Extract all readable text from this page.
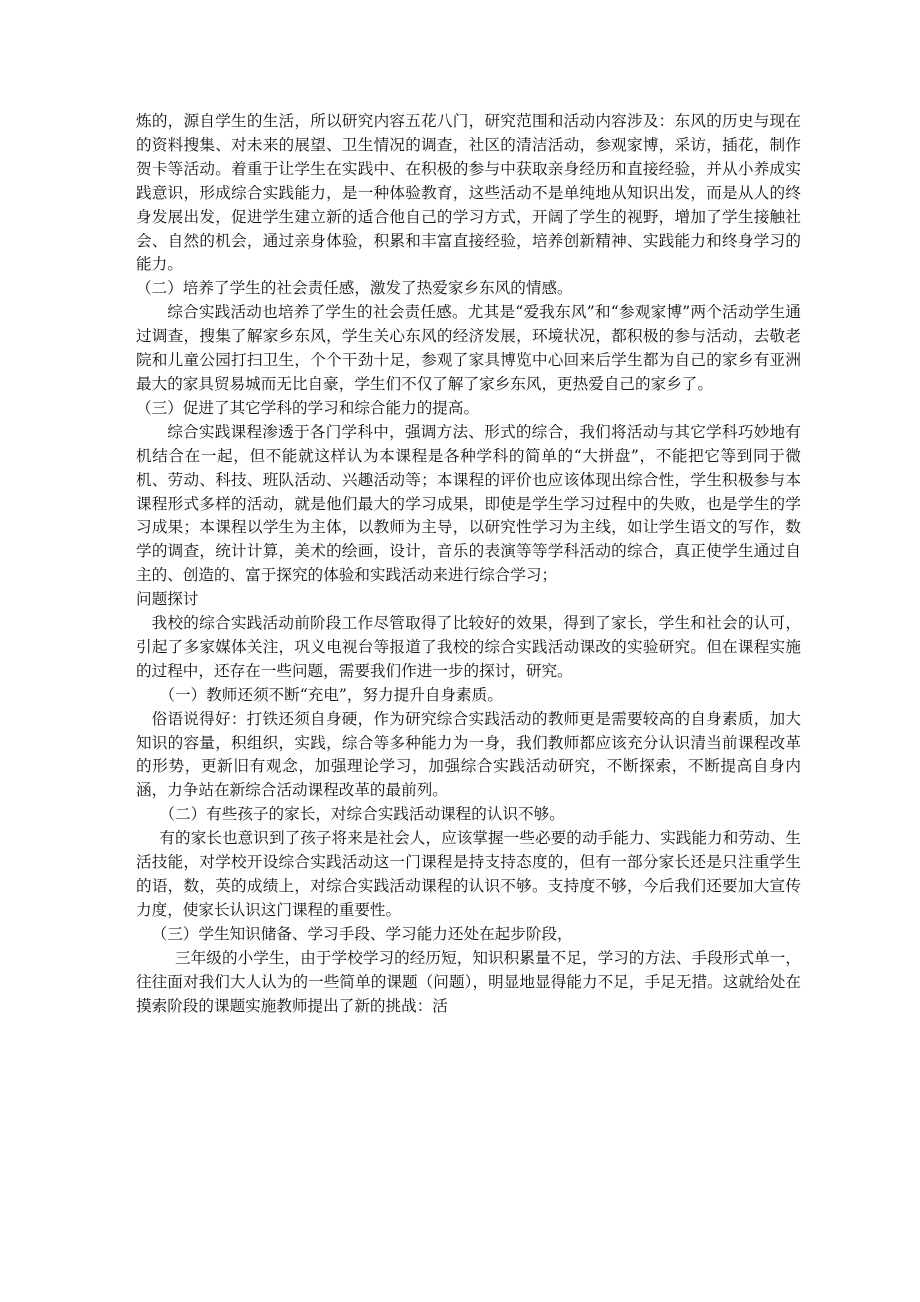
炼的，源自学生的生活，所以研究内容五花八门，研究范围和活动内容涉及：东风的历史与现在的资料搜集、对未来的展望、卫生情况的调查，社区的清洁活动，参观家博，采访，插花，制作贺卡等活动。着重于让学生在实践中、在积极的参与中获取亲身经历和直接经验，并从小养成实践意识，形成综合实践能力，是一种体验教育，这些活动不是单纯地从知识出发，而是从人的终身发展出发，促进学生建立新的适合他自己的学习方式，开阔了学生的视野，增加了学生接触社会、自然的机会，通过亲身体验，积累和丰富直接经验，培养创新精神、实践能力和终身学习的能力。

（二）培养了学生的社会责任感，激发了热爱家乡东风的情感。

综合实践活动也培养了学生的社会责任感。尤其是“爱我东风”和“参观家博”两个活动学生通过调查，搜集了解家乡东风，学生关心东风的经济发展，环境状况，都积极的参与活动，去敬老院和儿童公园打扫卫生，个个干劲十足，参观了家具博览中心回来后学生都为自己的家乡有亚洲最大的家具贸易城而无比自豪，学生们不仅了解了家乡东风，更热爱自己的家乡了。

（三）促进了其它学科的学习和综合能力的提高。

综合实践课程渗透于各门学科中，强调方法、形式的综合，我们将活动与其它学科巧妙地有机结合在一起，但不能就这样认为本课程是各种学科的简单的“大拼盘”，不能把它等到同于微机、劳动、科技、班队活动、兴趣活动等；本课程的评价也应该体现出综合性，学生积极参与本课程形式多样的活动，就是他们最大的学习成果，即使是学生学习过程中的失败，也是学生的学习成果；本课程以学生为主体，以教师为主导，以研究性学习为主线，如让学生语文的写作，数学的调查，统计计算，美术的绘画，设计，音乐的表演等等学科活动的综合，真正使学生通过自主的、创造的、富于探究的体验和实践活动来进行综合学习；

问题探讨

我校的综合实践活动前阶段工作尽管取得了比较好的效果，得到了家长，学生和社会的认可，引起了多家媒体关注，巩义电视台等报道了我校的综合实践活动课改的实验研究。但在课程实施的过程中，还存在一些问题，需要我们作进一步的探讨，研究。

（一）教师还须不断“充电”，努力提升自身素质。

俗语说得好：打铁还须自身硬，作为研究综合实践活动的教师更是需要较高的自身素质，加大知识的容量，积组织，实践，综合等多种能力为一身，我们教师都应该充分认识清当前课程改革的形势，更新旧有观念，加强理论学习，加强综合实践活动研究，不断探索，不断提高自身内涵，力争站在新综合活动课程改革的最前列。

（二）有些孩子的家长，对综合实践活动课程的认识不够。

有的家长也意识到了孩子将来是社会人，应该掌握一些必要的动手能力、实践能力和劳动、生活技能，对学校开设综合实践活动这一门课程是持支持态度的，但有一部分家长还是只注重学生的语，数，英的成绩上，对综合实践活动课程的认识不够。支持度不够，今后我们还要加大宣传力度，使家长认识这门课程的重要性。

（三）学生知识储备、学习手段、学习能力还处在起步阶段，

三年级的小学生，由于学校学习的经历短，知识积累量不足，学习的方法、手段形式单一，往往面对我们大人认为的一些简单的课题（问题），明显地显得能力不足，手足无措。这就给处在摸索阶段的课题实施教师提出了新的挑战：活
